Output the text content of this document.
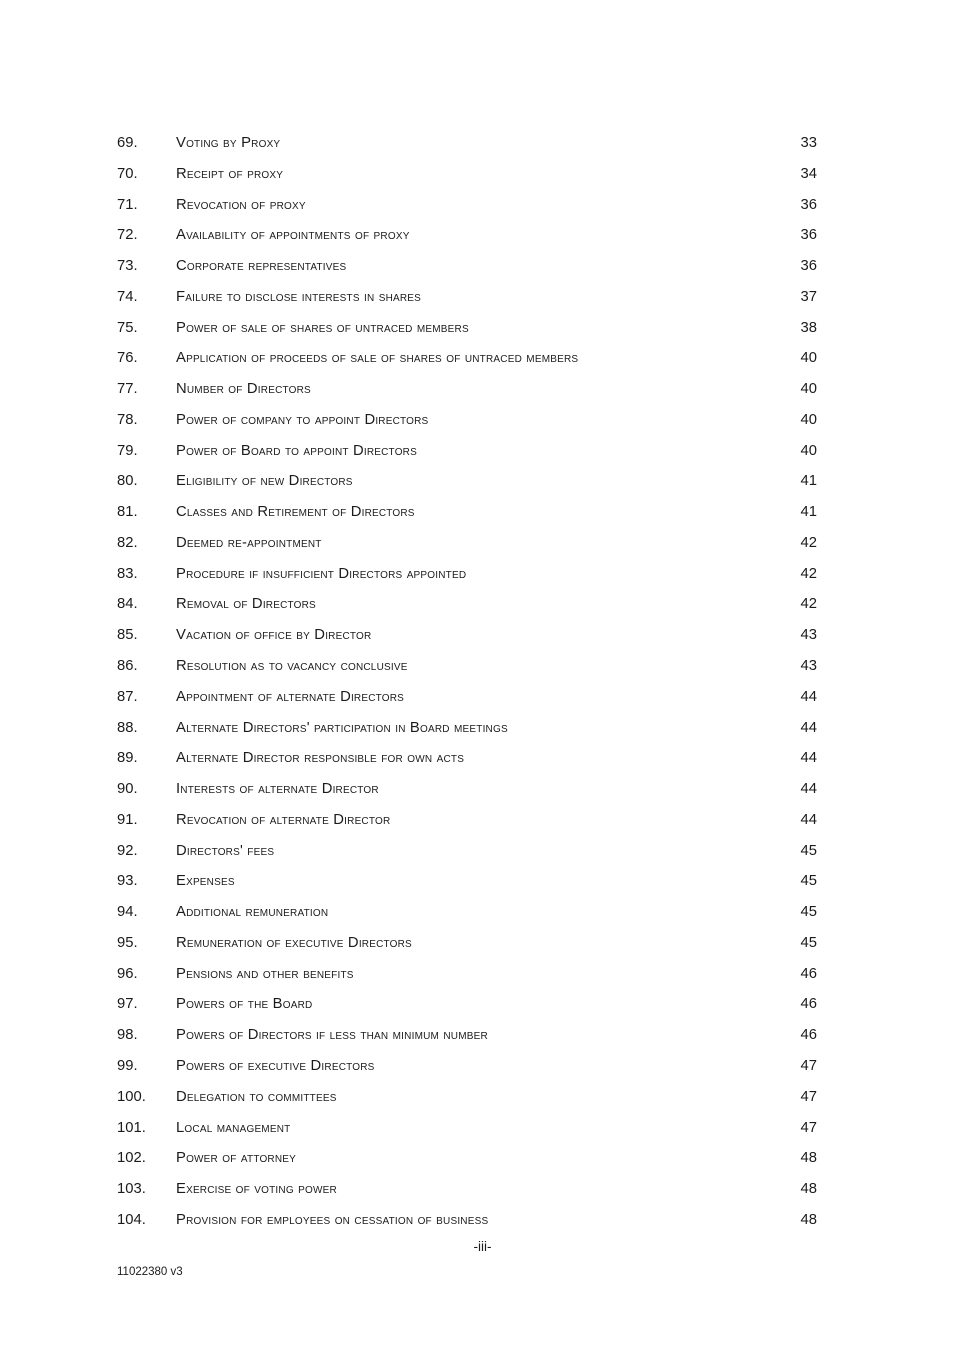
69.	Voting by Proxy	33
70.	Receipt of proxy	34
71.	Revocation of proxy	36
72.	Availability of appointments of proxy	36
73.	Corporate representatives	36
74.	Failure to disclose interests in shares	37
75.	Power of sale of shares of untraced members	38
76.	Application of proceeds of sale of shares of untraced members	40
77.	Number of Directors	40
78.	Power of company to appoint Directors	40
79.	Power of Board to appoint Directors	40
80.	Eligibility of new Directors	41
81.	Classes and Retirement of Directors	41
82.	Deemed re-appointment	42
83.	Procedure if insufficient Directors appointed	42
84.	Removal of Directors	42
85.	Vacation of office by Director	43
86.	Resolution as to vacancy conclusive	43
87.	Appointment of alternate Directors	44
88.	Alternate Directors' participation in Board meetings	44
89.	Alternate Director responsible for own acts	44
90.	Interests of alternate Director	44
91.	Revocation of alternate Director	44
92.	Directors' fees	45
93.	Expenses	45
94.	Additional remuneration	45
95.	Remuneration of executive Directors	45
96.	Pensions and other benefits	46
97.	Powers of the Board	46
98.	Powers of Directors if less than minimum number	46
99.	Powers of executive Directors	47
100.	Delegation to committees	47
101.	Local management	47
102.	Power of attorney	48
103.	Exercise of voting power	48
104.	Provision for employees on cessation of business	48
-iii-
11022380 v3
